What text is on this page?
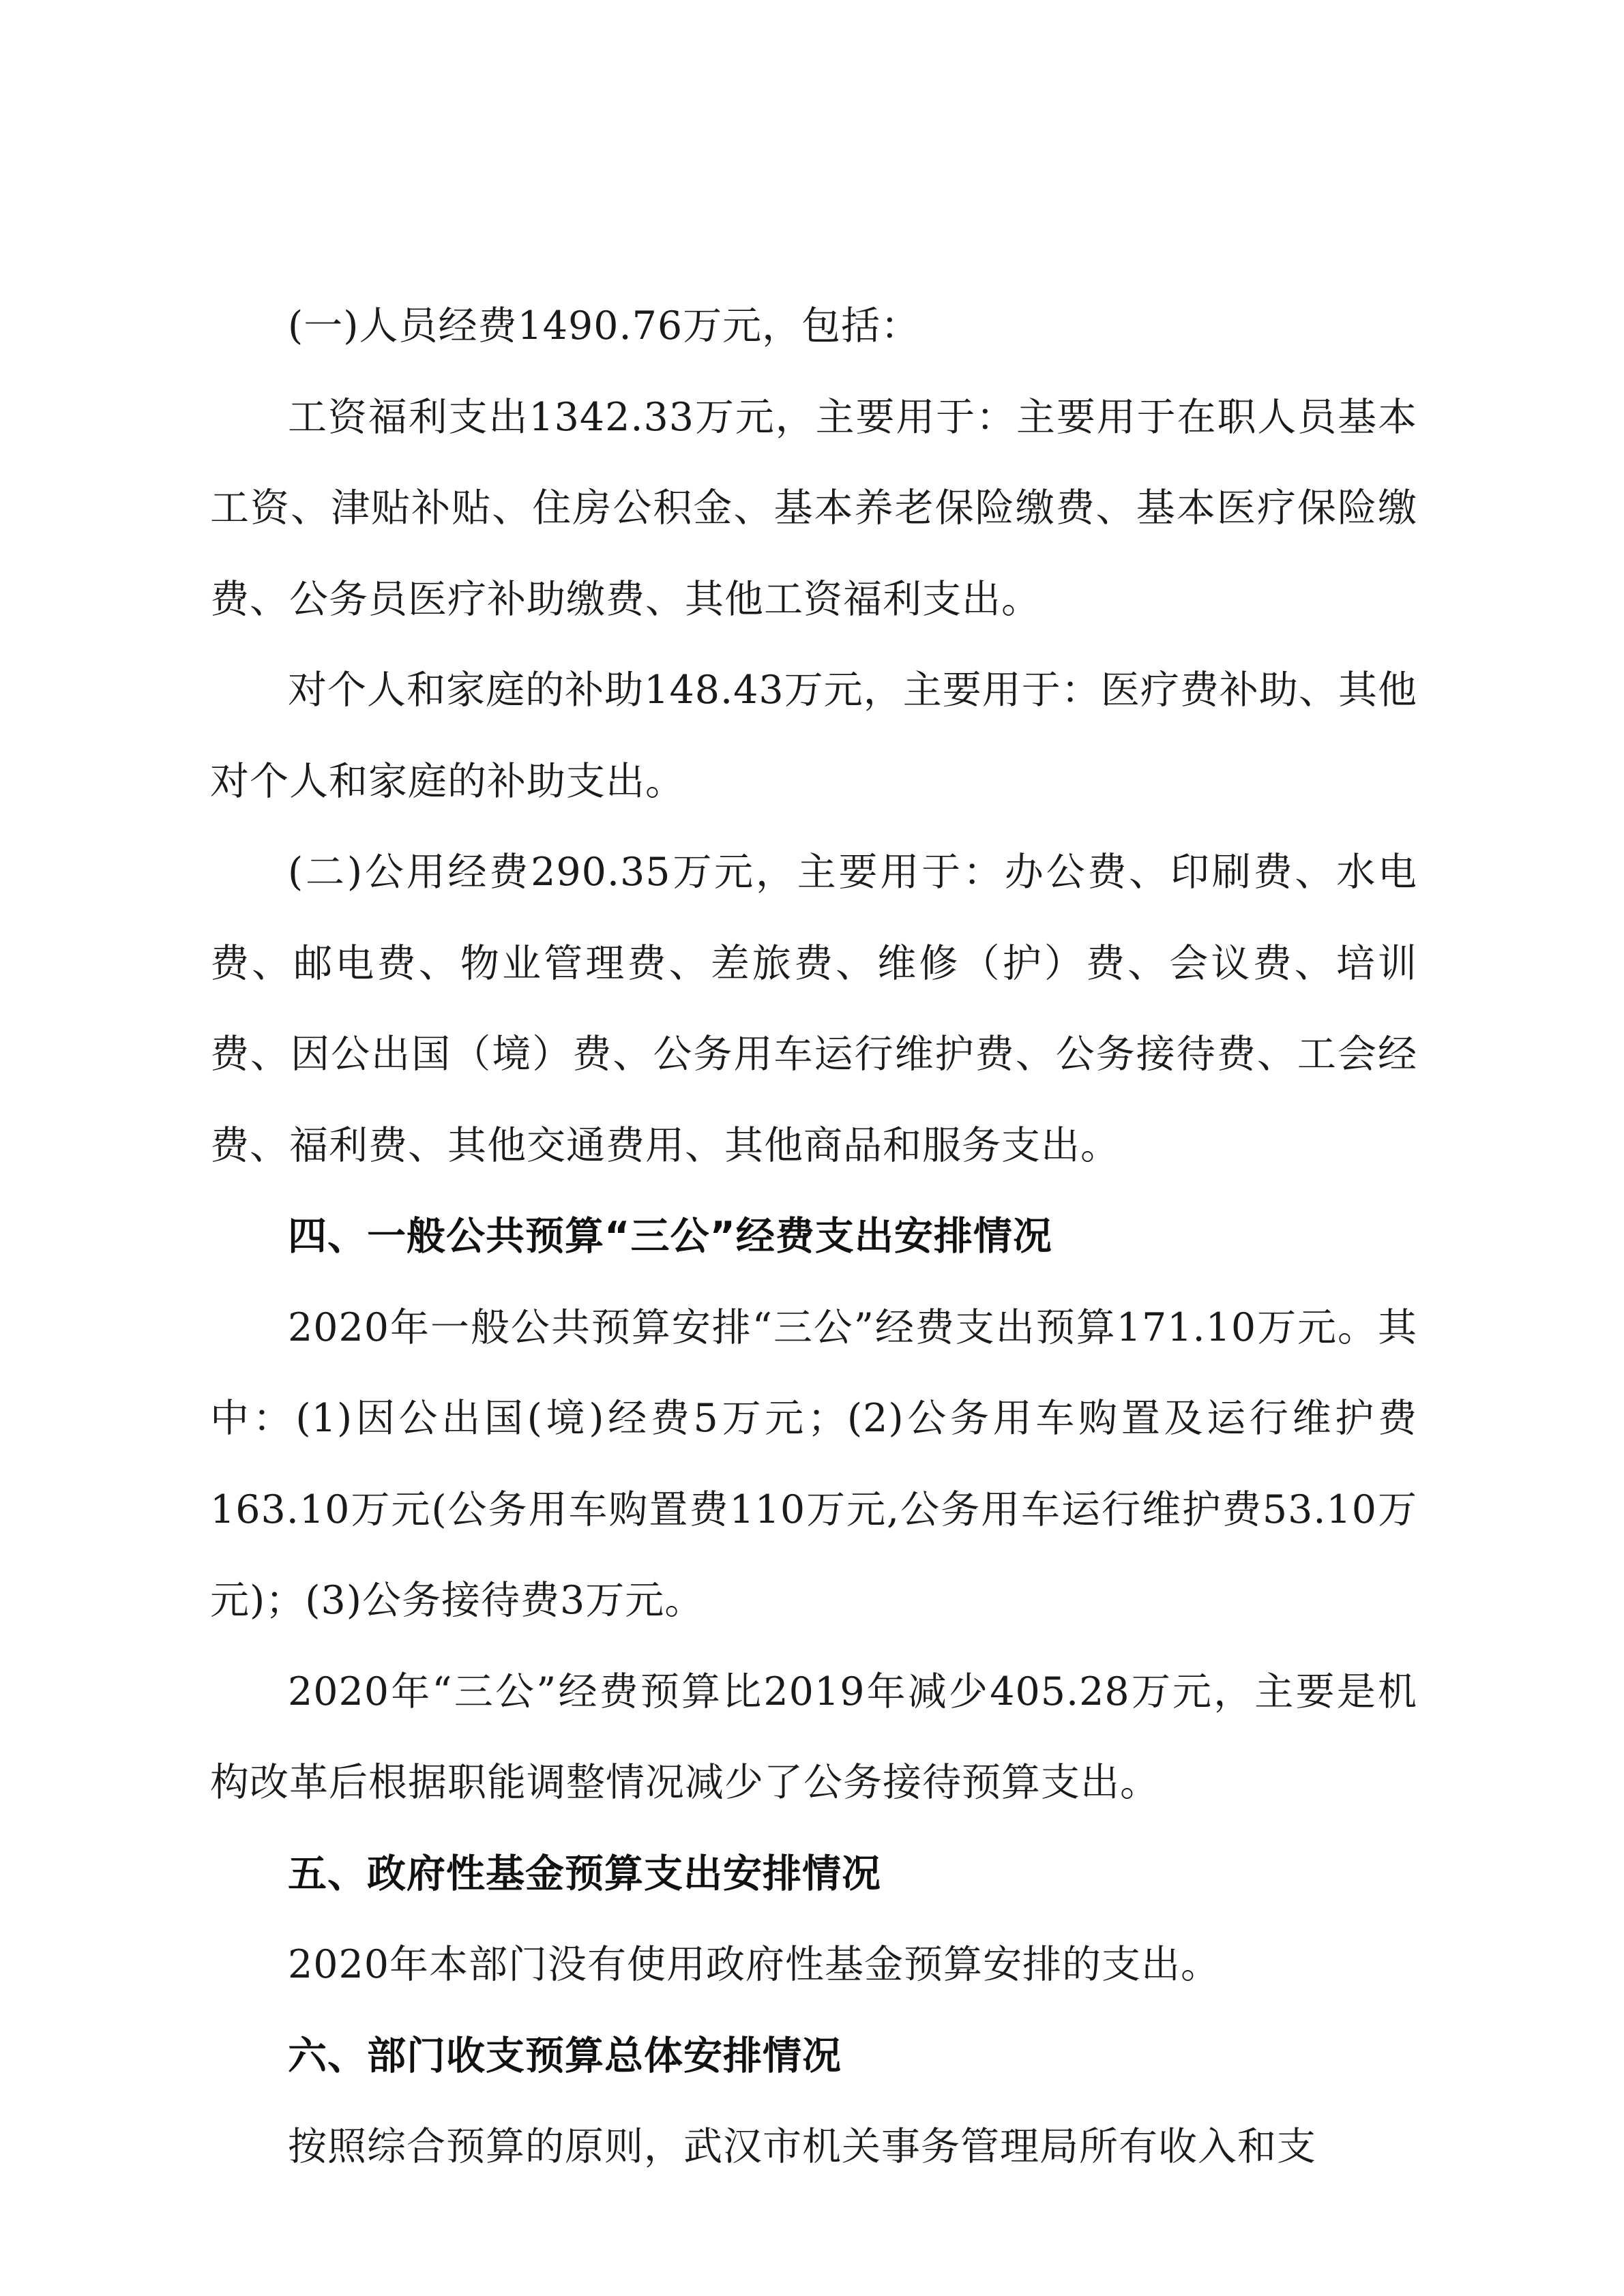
(一)人员经费1490.76万元，包括：

工资福利支出1342.33万元，主要用于：主要用于在职人员基本工资、津贴补贴、住房公积金、基本养老保险缴费、基本医疗保险缴费、公务员医疗补助缴费、其他工资福利支出。

对个人和家庭的补助148.43万元，主要用于：医疗费补助、其他对个人和家庭的补助支出。

(二)公用经费290.35万元，主要用于：办公费、印刷费、水电费、邮电费、物业管理费、差旅费、维修（护）费、会议费、培训费、因公出国（境）费、公务用车运行维护费、公务接待费、工会经费、福利费、其他交通费用、其他商品和服务支出。

四、一般公共预算“三公”经费支出安排情况

2020年一般公共预算安排“三公”经费支出预算171.10万元。其中：(1)因公出国(境)经费5万元；(2)公务用车购置及运行维护费163.10万元(公务用车购置费110万元,公务用车运行维护费53.10万元)；(3)公务接待费3万元。

2020年“三公”经费预算比2019年减少405.28万元，主要是机构改革后根据职能调整情况减少了公务接待预算支出。

五、政府性基金预算支出安排情况

2020年本部门没有使用政府性基金预算安排的支出。

六、部门收支预算总体安排情况

按照综合预算的原则，武汉市机关事务管理局所有收入和支
